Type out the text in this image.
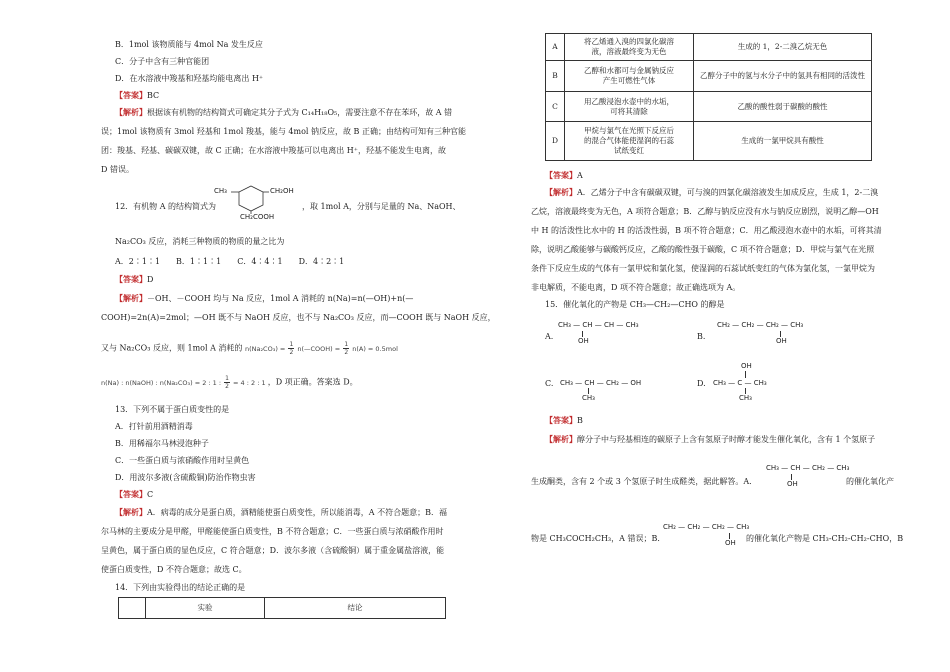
B．1mol 该物质能与 4mol Na 发生反应
C．分子中含有三种官能团
D．在水溶液中羧基和羟基均能电离出 H⁺
【答案】BC
【解析】根据该有机物的结构简式可确定其分子式为 C₁₄H₁₈O₅，需要注意不存在苯环，故 A 错
误；1mol 该物质有 3mol 羟基和 1mol 羧基，能与 4mol 钠反应，故 B 正确；由结构可知有三种官能
团：羧基、羟基、碳碳双键，故 C 正确；在水溶液中羧基可以电离出 H⁺，羟基不能发生电离，故
D 错误。
12．有机物 A 的结构简式为
CH₃	CH₂OH
CH₂COOH
，取 1mol A，分别与足量的 Na、NaOH、
Na₂CO₃ 反应，消耗三种物质的物质的量之比为
A．2∶1∶1　　B．1∶1∶1　　C．4∶4∶1　　D．4∶2∶1
【答案】D
【解析】－OH、－COOH 均与 Na 反应，1mol A 消耗的 n(Na)=n(—OH)+n(—
COOH)=2n(A)=2mol；—OH 既不与 NaOH 反应，也不与 Na₂CO₃ 反应，而—COOH 既与 NaOH 反应，
又与 Na₂CO₃ 反应，则 1mol A 消耗的 $n(Na_2CO_3) = \frac{1}{2}$ n(—COOH) = $\frac{1}{2} n(A) = 0.5mol$
n(Na) : n(NaOH) : n(Na₂CO₃) = 2 : 1 : $\frac{1}{2} = 4$ : 2 : 1 ，D 项正确。答案选 D。
13．下列不属于蛋白质变性的是
A．打针前用酒精消毒
B．用稀福尔马林浸泡种子
C．一些蛋白质与浓硝酸作用时呈黄色
D．用波尔多液(含硫酸铜)防治作物虫害
【答案】C
【解析】A．病毒的成分是蛋白质，酒精能使蛋白质变性，所以能消毒，A 不符合题意；B．福
尔马林的主要成分是甲醛，甲醛能使蛋白质变性，B 不符合题意；C．一些蛋白质与浓硝酸作用时
呈黄色，属于蛋白质的显色反应，C 符合题意；D．波尔多液（含硫酸铜）属于重金属盐溶液，能
使蛋白质变性，D 不符合题意；故选 C。
14．下列由实验得出的结论正确的是
	实验	结论
A	将乙烯通入溴的四氯化碳溶
液，溶液最终变为无色	生成的 1，2-二溴乙烷无色
B	乙醇和水都可与金属钠反应
产生可燃性气体	乙醇分子中的氢与水分子中的氢具有相同的活泼性
C	用乙酸浸泡水壶中的水垢，
可将其清除	乙酸的酸性弱于碳酸的酸性
D	甲烷与氯气在光照下反应后
的混合气体能使湿润的石蕊
试纸变红	生成的一氯甲烷具有酸性
【答案】A
【解析】A．乙烯分子中含有碳碳双键，可与溴的四氯化碳溶液发生加成反应，生成 1，2-二溴
乙烷，溶液最终变为无色，A 项符合题意；B．乙醇与钠反应没有水与钠反应剧烈，说明乙醇—OH
中 H 的活泼性比水中的 H 的活泼性弱，B 项不符合题意；C．用乙酸浸泡水壶中的水垢，可将其清
除，说明乙酸能够与碳酸钙反应，乙酸的酸性强于碳酸，C 项不符合题意；D．甲烷与氯气在光照
条件下反应生成的气体有一氯甲烷和氯化氢，使湿润的石蕊试纸变红的气体为氯化氢，一氯甲烷为
非电解质，不能电离，D 项不符合题意；故正确选项为 A。
15．催化氧化的产物是 CH₃—CH₂—CHO 的醇是
A.
CH₃ — CH — CH — CH₃
OH	B.
CH₂ — CH₂ — CH₂ — CH₃
OH
C. CH₃ — CH — CH₂ — OH
CH₃
D.
OH
CH₃ — C — CH₃
CH₃
【答案】B
【解析】醇分子中与羟基相连的碳原子上含有氢原子时醇才能发生催化氧化，含有 1 个氢原子
生成酮类，含有 2 个或 3 个氢原子时生成醛类，据此解答。A．
CH₃ — CH — CH₂ — CH₃
OH	的催化氧化产
物是 CH₃COCH₂CH₃，A 错误；B．
CH₂ — CH₂ — CH₂ — CH₃
OH 的催化氧化产物是 CH₃-CH₂-CH₂-CHO，B
